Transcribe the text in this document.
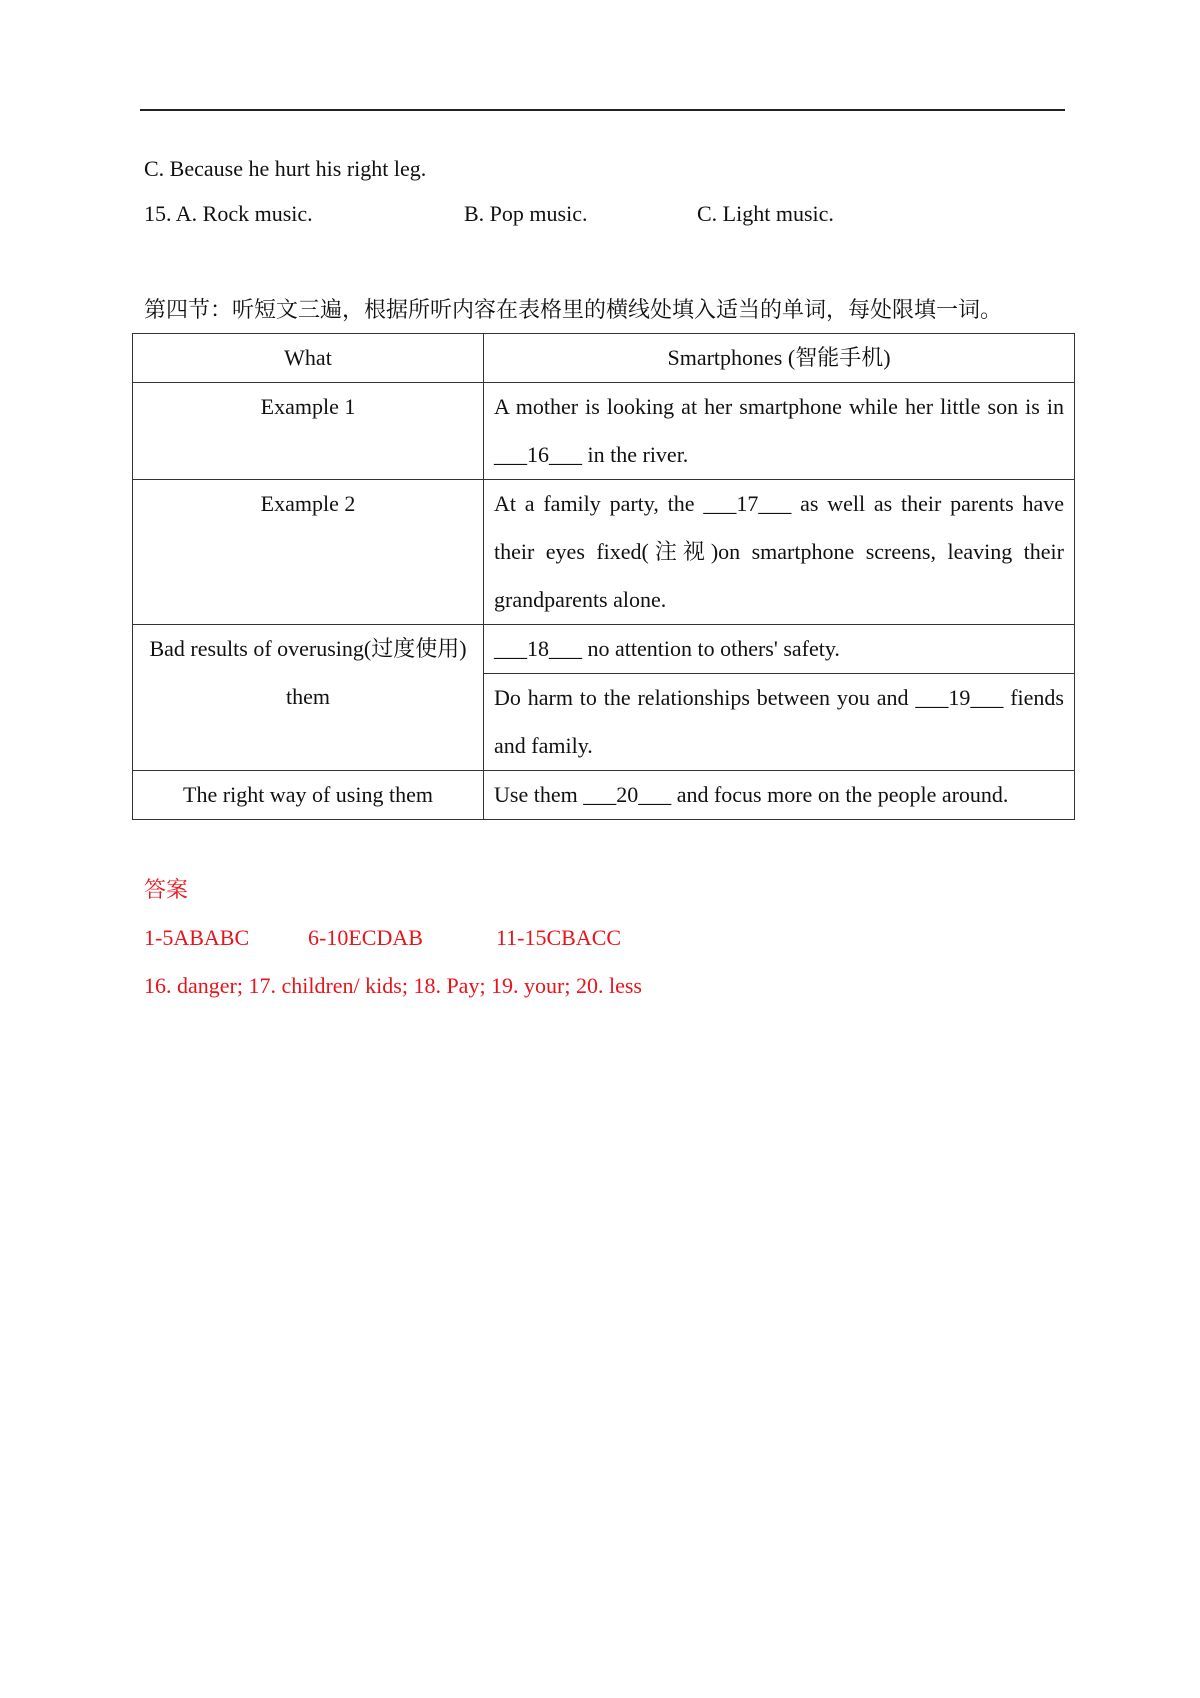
C. Because he hurt his right leg.
15. A. Rock music.	B. Pop music.	C. Light music.
第四节：听短文三遍，根据所听内容在表格里的横线处填入适当的单词，每处限填一词。
What	Smartphones (智能手机)
Example 1	A mother is looking at her smartphone while her little son is in ___16___ in the river.
Example 2	At a family party, the ___17___ as well as their parents have their eyes fixed(注视)on smartphone screens, leaving their grandparents alone.
Bad results of overusing(过度使用) them	___18___ no attention to others' safety.
	Do harm to the relationships between you and ___19___ fiends and family.
The right way of using them	Use them ___20___ and focus more on the people around.
答案
1-5ABABC	6-10ECDAB	11-15CBACC
16. danger; 17. children/ kids; 18. Pay; 19. your; 20. less
